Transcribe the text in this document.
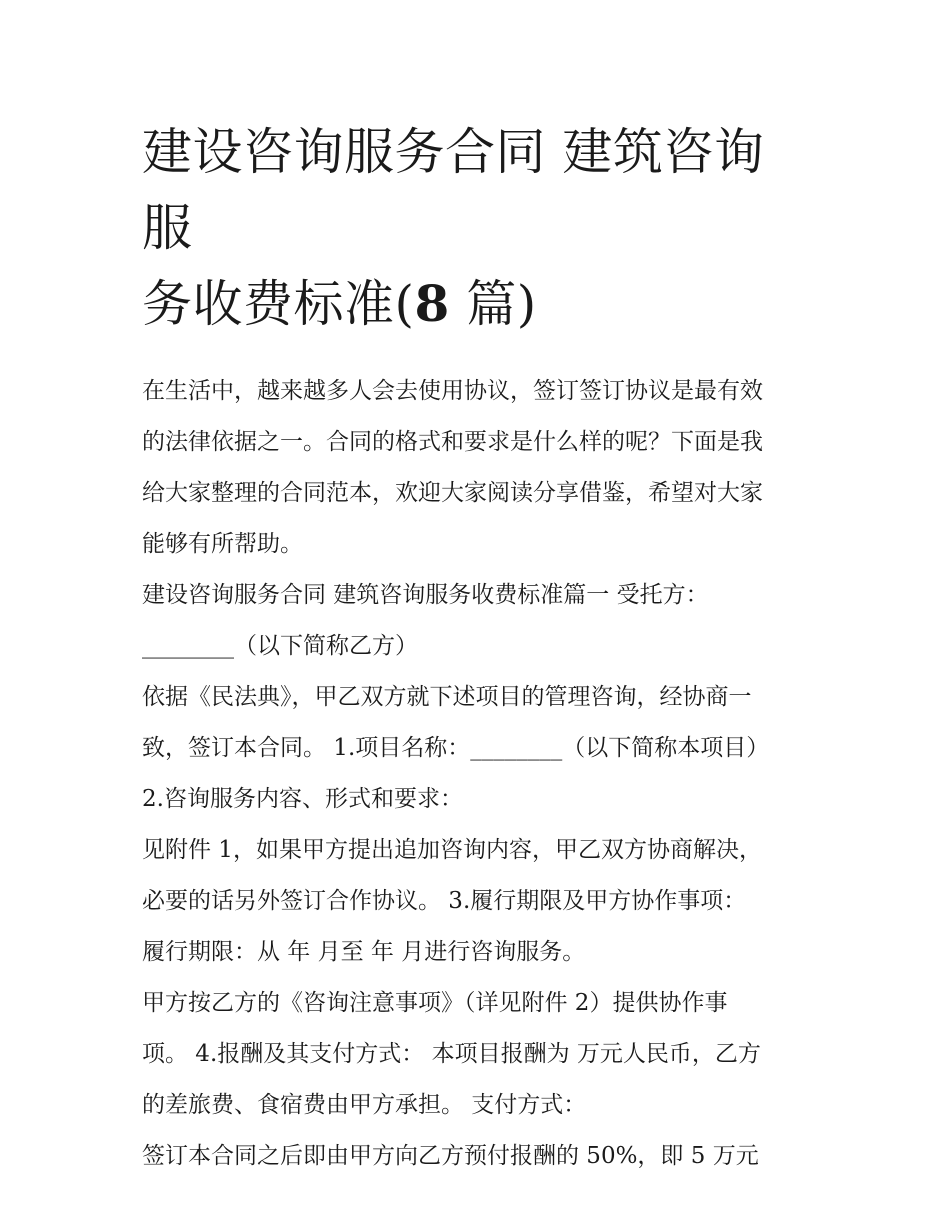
建设咨询服务合同 建筑咨询服
务收费标准(8 篇)

在生活中，越来越多人会去使用协议，签订签订协议是最有效

的法律依据之一。合同的格式和要求是什么样的呢？下面是我

给大家整理的合同范本，欢迎大家阅读分享借鉴，希望对大家

能够有所帮助。

建设咨询服务合同 建筑咨询服务收费标准篇一 受托方：

________（以下简称乙方）

依据《民法典》，甲乙双方就下述项目的管理咨询，经协商一

致，签订本合同。 1.项目名称：________（以下简称本项目）

2.咨询服务内容、形式和要求：

见附件 1，如果甲方提出追加咨询内容，甲乙双方协商解决，

必要的话另外签订合作协议。 3.履行期限及甲方协作事项：

履行期限：从 年 月至 年 月进行咨询服务。

甲方按乙方的《咨询注意事项》（详见附件 2）提供协作事

项。 4.报酬及其支付方式： 本项目报酬为 万元人民币，乙方

的差旅费、食宿费由甲方承担。 支付方式：

签订本合同之后即由甲方向乙方预付报酬的 50%，即 5 万元
